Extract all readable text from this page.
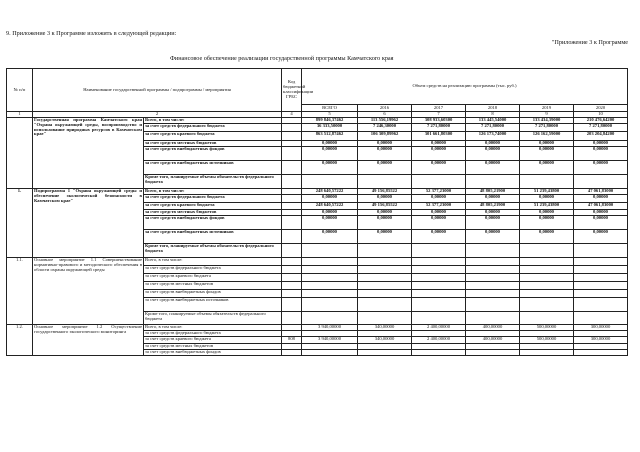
9. Приложение 3 к Программе изложить в следующей редакции:
"Приложение 3 к Программе
Финансовое обеспечение реализации государственной программы Камчатского края
№ п/п	Наименование государственной программы / подпрограммы / мероприятия		Код бюджетной классификации ГРБС	Объем средств на реализацию программы (тыс. руб.)					
				ВСЕГО	2016	2017	2018	2019	2020
1	2		4	5	6	7	8	9	10
	Государственная программа Камчатского края "Охрана окружающей среды, воспроизводство и использование природных ресурсов в Камчатском крае"	Всего, в том числе:		899 846,37462	113 556,19962	308 933,60300	133 445,54000	133 434,39000	210 476,64200
		за счет средств федерального бюджета		36 333,50000	7 246,30000	7 271,80000	7 271,80000	7 271,80000	7 271,80000
		за счет средств краевого бюджета		863 512,87462	106 309,89962	301 661,80300	126 173,74000	126 162,59000	203 204,84200
		за счет средств местных бюджетов		0,00000	0,00000	0,00000	0,00000	0,00000	0,00000
		за счет средств внебюджетных фондов		0,00000	0,00000	0,00000	0,00000	0,00000	0,00000
		за счет средств внебюджетных источников		0,00000	0,00000	0,00000	0,00000	0,00000	0,00000
		Кроме того, планируемые объемы обязательств федерального бюджета							
1.	Подпрограмма 1 "Охрана окружающей среды и обеспечение экологической безопасности в Камчатском крае"	Всего, в том числе:		248 640,57222	49 156,85522	52 377,23000	48 805,21900	51 239,43800	47 061,83000
		за счет средств федерального бюджета		0,00000	0,00000	0,00000	0,00000	0,00000	0,00000
		за счет средств краевого бюджета		248 640,57222	49 156,85522	52 377,23000	48 805,21900	51 239,43800	47 061,83000
		за счет средств местных бюджетов		0,00000	0,00000	0,00000	0,00000	0,00000	0,00000
		за счет средств внебюджетных фондов		0,00000	0,00000	0,00000	0,00000	0,00000	0,00000
		за счет средств внебюджетных источников		0,00000	0,00000	0,00000	0,00000	0,00000	0,00000
		Кроме того, планируемые объемы обязательств федерального бюджета							
1.1.	Основное мероприятие 1.1 Совершенствование нормативно-правового и методического обеспечения в области охраны окружающей среды	Всего, в том числе:							
		за счет средств федерального бюджета							
		за счет средств краевого бюджета							
		за счет средств местных бюджетов							
		за счет средств внебюджетных фондов							
		за счет средств внебюджетных источников							
		Кроме того, планируемые объемы обязательств федерального бюджета							
1.2.	Основное мероприятие 1.2 Осуществление государственного экологического мониторинга	Всего, в том числе:		3 940,00000	340,00000	2 400,00000	400,00000	500,00000	300,00000
		за счет средств федерального бюджета							
		за счет средств краевого бюджета	808	3 940,00000	340,00000	2 400,00000	400,00000	500,00000	300,00000
		за счет средств местных бюджетов							
		за счет средств внебюджетных фондов							
